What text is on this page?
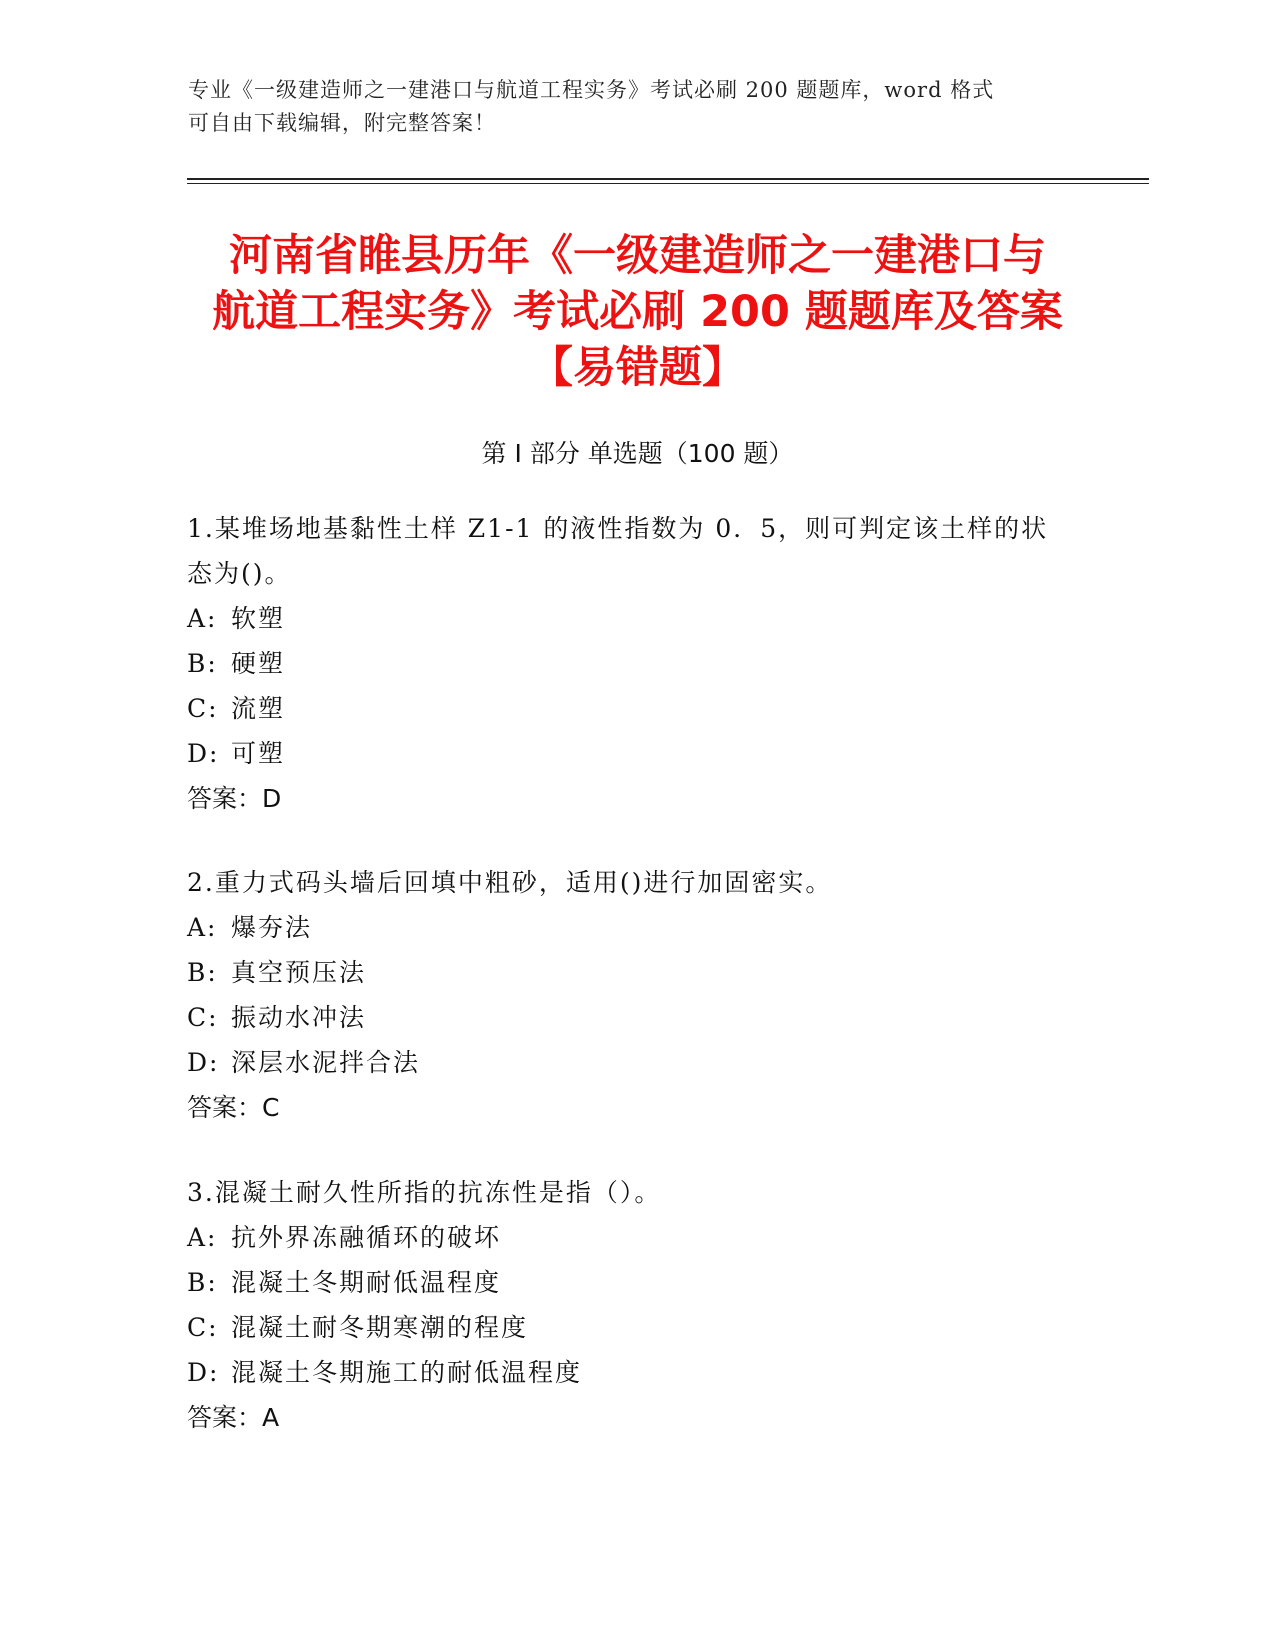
专业《一级建造师之一建港口与航道工程实务》考试必刷 200 题题库，word 格式
可自由下载编辑，附完整答案！
河南省睢县历年《一级建造师之一建港口与
航道工程实务》考试必刷 200 题题库及答案
【易错题】
第 I 部分 单选题（100 题）
1.某堆场地基黏性土样 Z1-1 的液性指数为 0．5，则可判定该土样的状
态为()。
A: 软塑
B: 硬塑
C: 流塑
D: 可塑
答案：D
2.重力式码头墙后回填中粗砂，适用()进行加固密实。
A: 爆夯法
B: 真空预压法
C: 振动水冲法
D: 深层水泥拌合法
答案：C
3.混凝土耐久性所指的抗冻性是指（）。
A: 抗外界冻融循环的破坏
B: 混凝土冬期耐低温程度
C: 混凝土耐冬期寒潮的程度
D: 混凝土冬期施工的耐低温程度
答案：A
